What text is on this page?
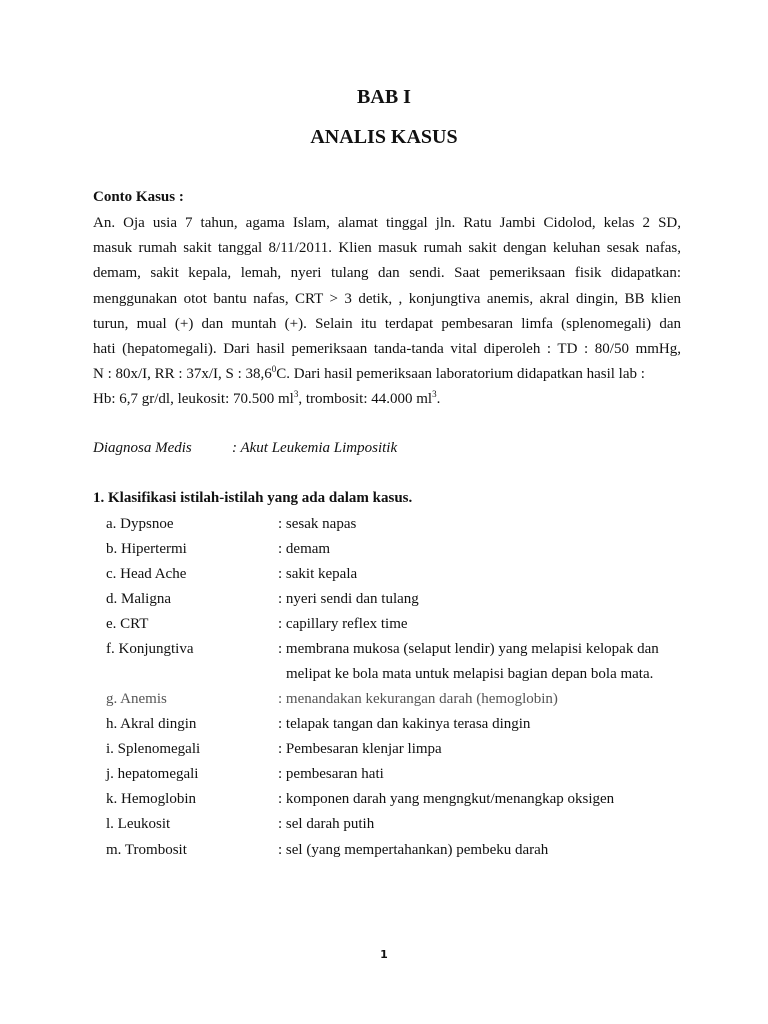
BAB I
ANALIS KASUS
Conto Kasus :
An. Oja usia 7 tahun, agama Islam, alamat tinggal jln. Ratu Jambi Cidolod, kelas 2 SD,
masuk rumah sakit tanggal 8/11/2011. Klien masuk rumah sakit dengan keluhan sesak nafas,
demam, sakit kepala, lemah, nyeri tulang dan sendi. Saat pemeriksaan fisik didapatkan:
menggunakan otot bantu nafas, CRT > 3 detik, , konjungtiva anemis, akral dingin, BB klien
turun, mual (+) dan muntah (+). Selain itu terdapat pembesaran limfa (splenomegali) dan
hati (hepatomegali). Dari hasil pemeriksaan tanda-tanda vital diperoleh : TD : 80/50 mmHg,
N : 80x/I, RR : 37x/I, S : 38,6$^0$C. Dari hasil pemeriksaan laboratorium didapatkan hasil lab :
Hb: 6,7 gr/dl, leukosit: 70.500 $ml^3$, trombosit: 44.000 $ml^3$.
Diagnosa Medis	: Akut Leukemia Limpositik
1. Klasifikasi istilah-istilah yang ada dalam kasus.
a. Dypsnoe	: sesak napas
b. Hipertermi	: demam
c. Head Ache	: sakit kepala
d. Maligna	: nyeri sendi dan tulang
e. CRT	: capillary reflex time
f. Konjungtiva	: membrana mukosa (selaput lendir) yang melapisi kelopak dan
melipat ke bola mata untuk melapisi bagian depan bola mata.
g. Anemis	: menandakan kekurangan darah (hemoglobin)
h. Akral dingin	: telapak tangan dan kakinya terasa dingin
i. Splenomegali	: Pembesaran klenjar limpa
j. hepatomegali	: pembesaran hati
k. Hemoglobin	: komponen darah yang mengngkut/menangkap oksigen
l. Leukosit	: sel darah putih
m. Trombosit	: sel (yang mempertahankan) pembeku darah
1
